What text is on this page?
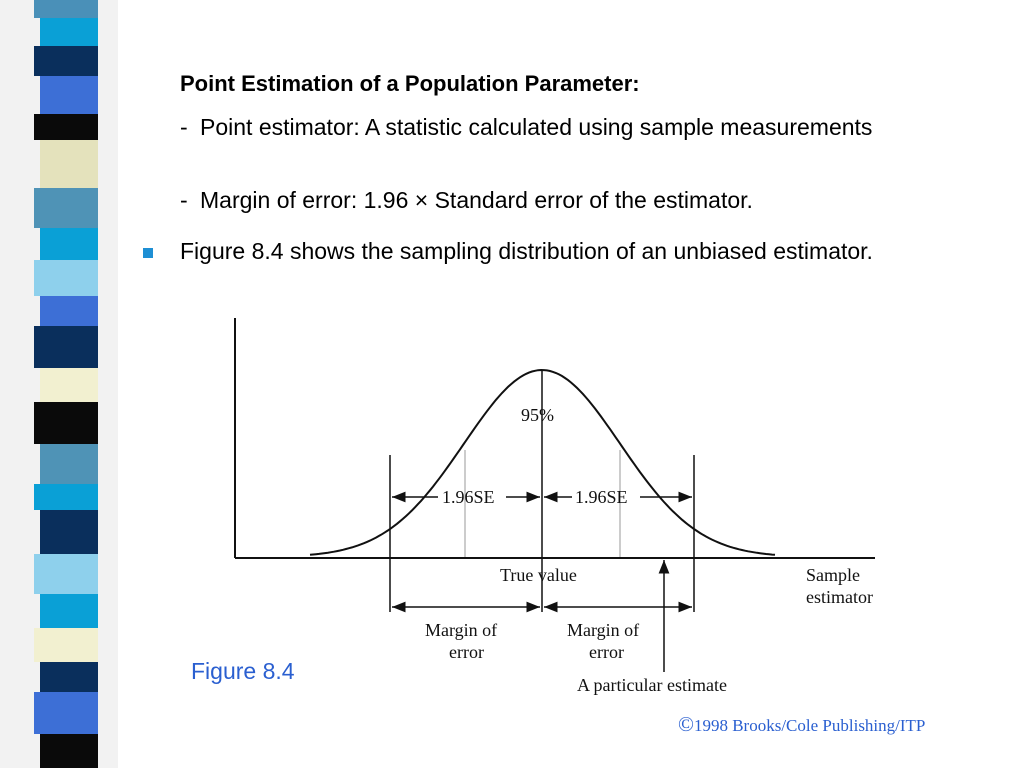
Point Estimation of a Population Parameter:
- Point estimator: A statistic calculated using sample measurements
- Margin of error: 1.96 × Standard error of the estimator.
Figure 8.4 shows the sampling distribution of an unbiased estimator.
95%
1.96SE	1.96SE
True value	Sample
estimator
Margin of
error
Margin of
error
A particular estimate
Figure 8.4
©1998 Brooks/Cole Publishing/ITP
